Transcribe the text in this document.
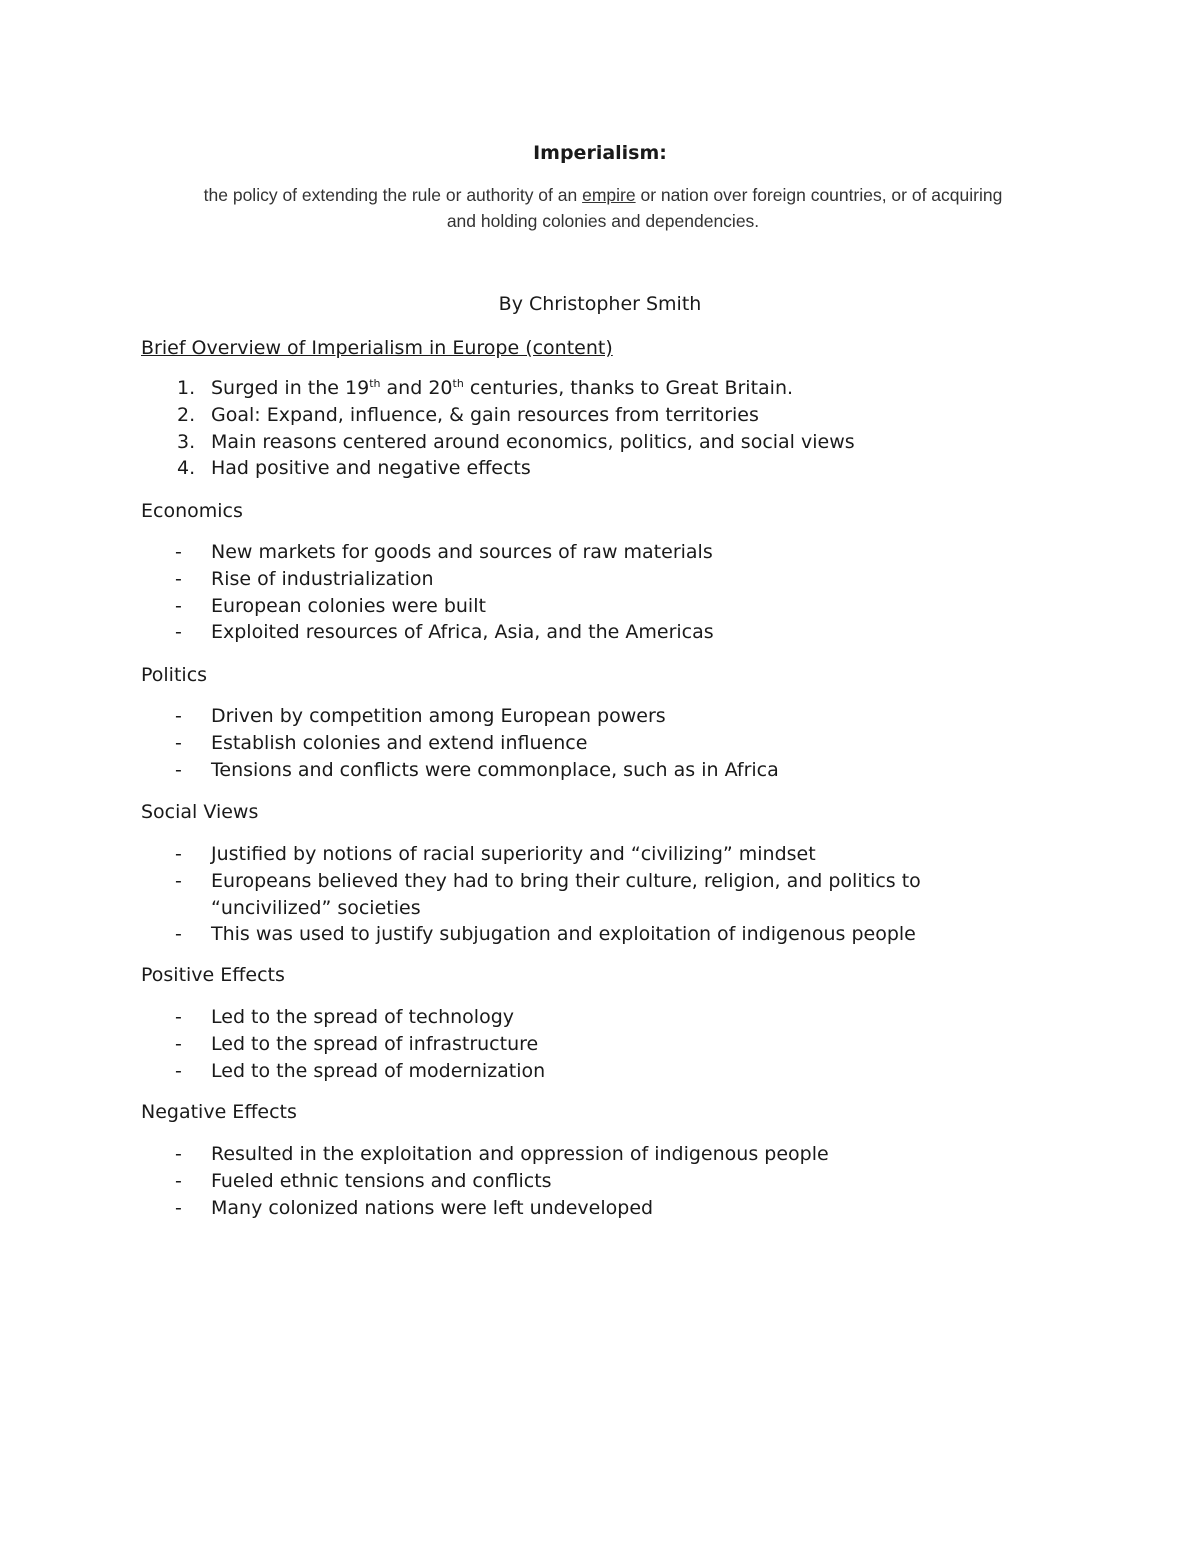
Imperialism:
the policy of extending the rule or authority of an empire or nation over foreign countries, or of acquiring
and holding colonies and dependencies.
By Christopher Smith
Brief Overview of Imperialism in Europe (content)
1. Surged in the 19th and 20th centuries, thanks to Great Britain.
2. Goal: Expand, influence, & gain resources from territories
3. Main reasons centered around economics, politics, and social views
4. Had positive and negative effects
Economics
- New markets for goods and sources of raw materials
- Rise of industrialization
- European colonies were built
- Exploited resources of Africa, Asia, and the Americas
Politics
- Driven by competition among European powers
- Establish colonies and extend influence
- Tensions and conflicts were commonplace, such as in Africa
Social Views
- Justified by notions of racial superiority and “civilizing” mindset
- Europeans believed they had to bring their culture, religion, and politics to
“uncivilized” societies
- This was used to justify subjugation and exploitation of indigenous people
Positive Effects
- Led to the spread of technology
- Led to the spread of infrastructure
- Led to the spread of modernization
Negative Effects
- Resulted in the exploitation and oppression of indigenous people
- Fueled ethnic tensions and conflicts
- Many colonized nations were left undeveloped
